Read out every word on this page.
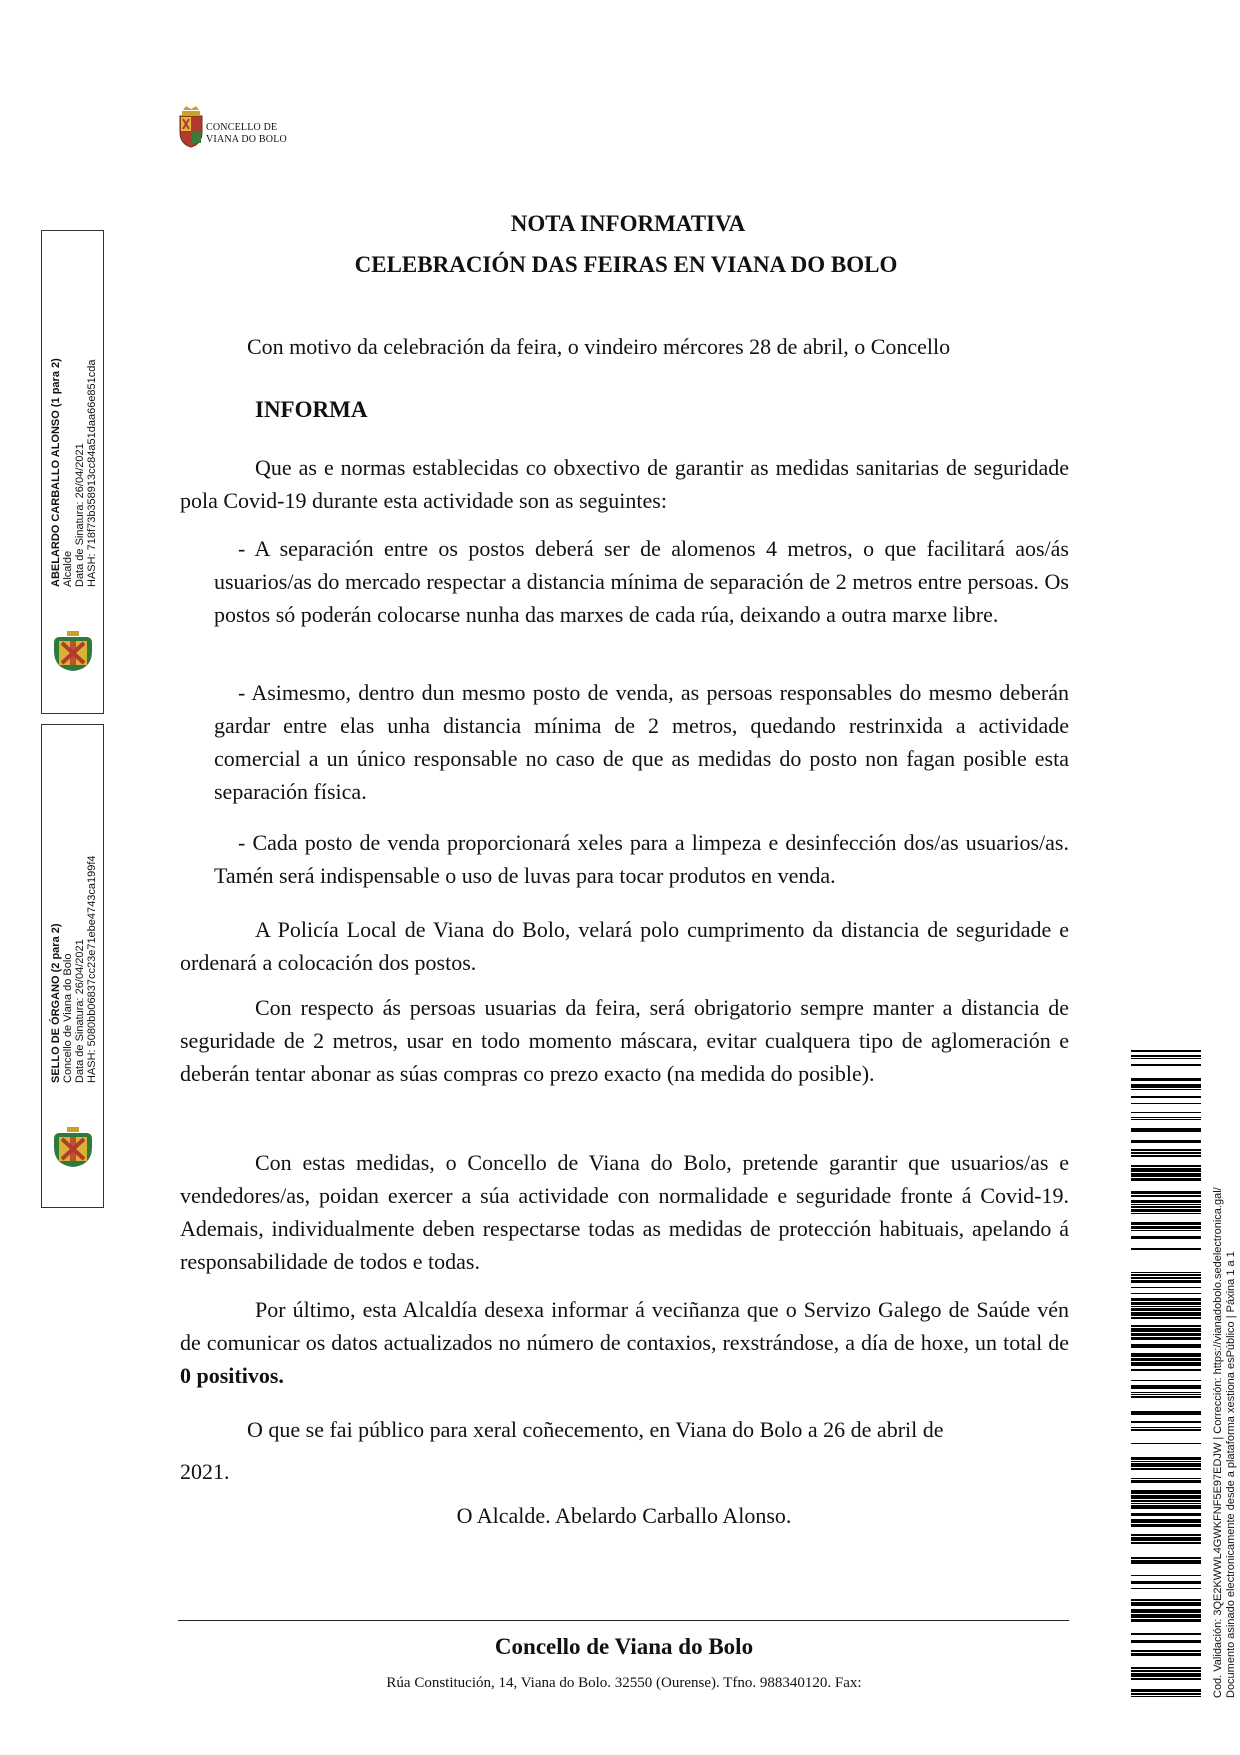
CONCELLO DE
VIANA DO BOLO
ABELARDO CARBALLO ALONSO (1 para 2) Alcalde Data de Sinatura: 26/04/2021 HASH: 718f73b358913cc84a51daa66e851cda
SELLO DE ÓRGANO (2 para 2) Concello de Viana do Bolo Data de Sinatura: 26/04/2021 HASH: 5080bb06837cc23e71ebe4743ca199f4
NOTA INFORMATIVA
CELEBRACIÓN DAS FEIRAS EN VIANA DO BOLO
Con motivo da celebración da feira, o vindeiro mércores 28 de abril, o Concello
INFORMA
Que as e normas establecidas co obxectivo de garantir as medidas sanitarias de seguridade pola Covid-19 durante esta actividade son as seguintes:
- A separación entre os postos deberá ser de alomenos 4 metros, o que facilitará aos/ás usuarios/as do mercado respectar a distancia mínima de separación de 2 metros entre persoas. Os postos só poderán colocarse nunha das marxes de cada rúa, deixando a outra marxe libre.
- Asimesmo, dentro dun mesmo posto de venda, as persoas responsables do mesmo deberán gardar entre elas unha distancia mínima de 2 metros, quedando restrinxida a actividade comercial a un único responsable no caso de que as medidas do posto non fagan posible esta separación física.
- Cada posto de venda proporcionará xeles para a limpeza e desinfección dos/as usuarios/as. Tamén será indispensable o uso de luvas para tocar produtos en venda.
A Policía Local de Viana do Bolo, velará polo cumprimento da distancia de seguridade e ordenará a colocación dos postos.
Con respecto ás persoas usuarias da feira, será obrigatorio sempre manter a distancia de seguridade de 2 metros, usar en todo momento máscara, evitar cualquera tipo de aglomeración e deberán tentar abonar as súas compras co prezo exacto (na medida do posible).
Con estas medidas, o Concello de Viana do Bolo, pretende garantir que usuarios/as e vendedores/as, poidan exercer a súa actividade con normalidade e seguridade fronte á Covid-19. Ademais, individualmente deben respectarse todas as medidas de protección habituais, apelando á responsabilidade de todos e todas.
Por último, esta Alcaldía desexa informar á veciñanza que o Servizo Galego de Saúde vén de comunicar os datos actualizados no número de contaxios, rexstrándose, a día de hoxe, un total de 0 positivos.
O que se fai público para xeral coñecemento, en Viana do Bolo a 26 de abril de
2021.
O Alcalde. Abelardo Carballo Alonso.
Concello de Viana do Bolo
Rúa Constitución, 14, Viana do Bolo. 32550 (Ourense). Tfno. 988340120. Fax:	Cod. Validación: 3QE2KWWL4GWKFNF5E97EDJW | Corrección: https://vianadobolo.sedelectronica.gal/ Documento asinado electronicamente desde a plataforma xestiona esPúblico | Páxina 1 a 1
